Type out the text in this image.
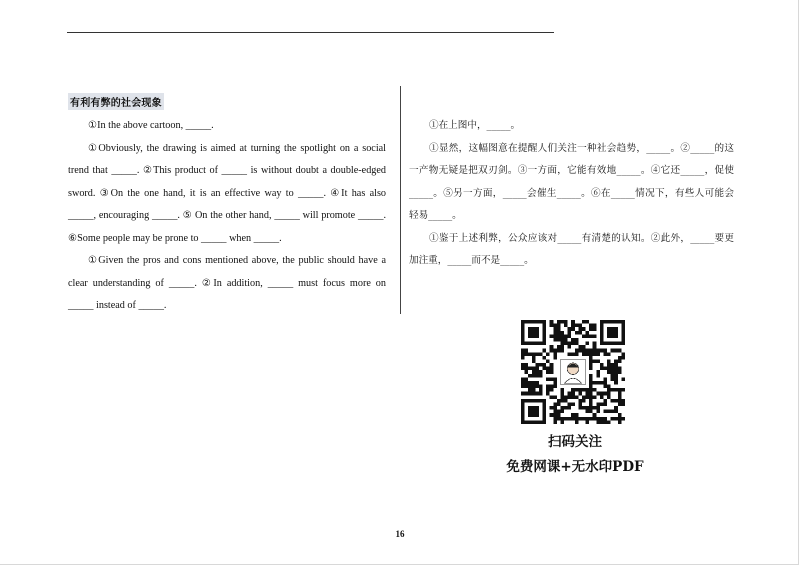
有利有弊的社会现象

①In the above cartoon, _____.

①Obviously, the drawing is aimed at turning the spotlight on a social trend that _____. ②This product of _____ is without doubt a double-edged sword. ③On the one hand, it is an effective way to _____. ④It has also _____, encouraging _____. ⑤ On the other hand, _____ will promote _____. ⑥Some people may be prone to _____ when _____.

①Given the pros and cons mentioned above, the public should have a clear understanding of _____. ②In addition, _____ must focus more on _____ instead of _____.

①在上图中，_____。

①显然，这幅图意在提醒人们关注一种社会趋势，_____。②_____的这一产物无疑是把双刃剑。③一方面，它能有效地_____。④它还_____，促使_____。⑤另一方面，_____会催生_____。⑥在_____情况下，有些人可能会轻易_____。

①鉴于上述利弊，公众应该对_____有清楚的认知。②此外，_____要更加注重，_____而不是_____。

扫码关注
免费网课+无水印PDF
16
